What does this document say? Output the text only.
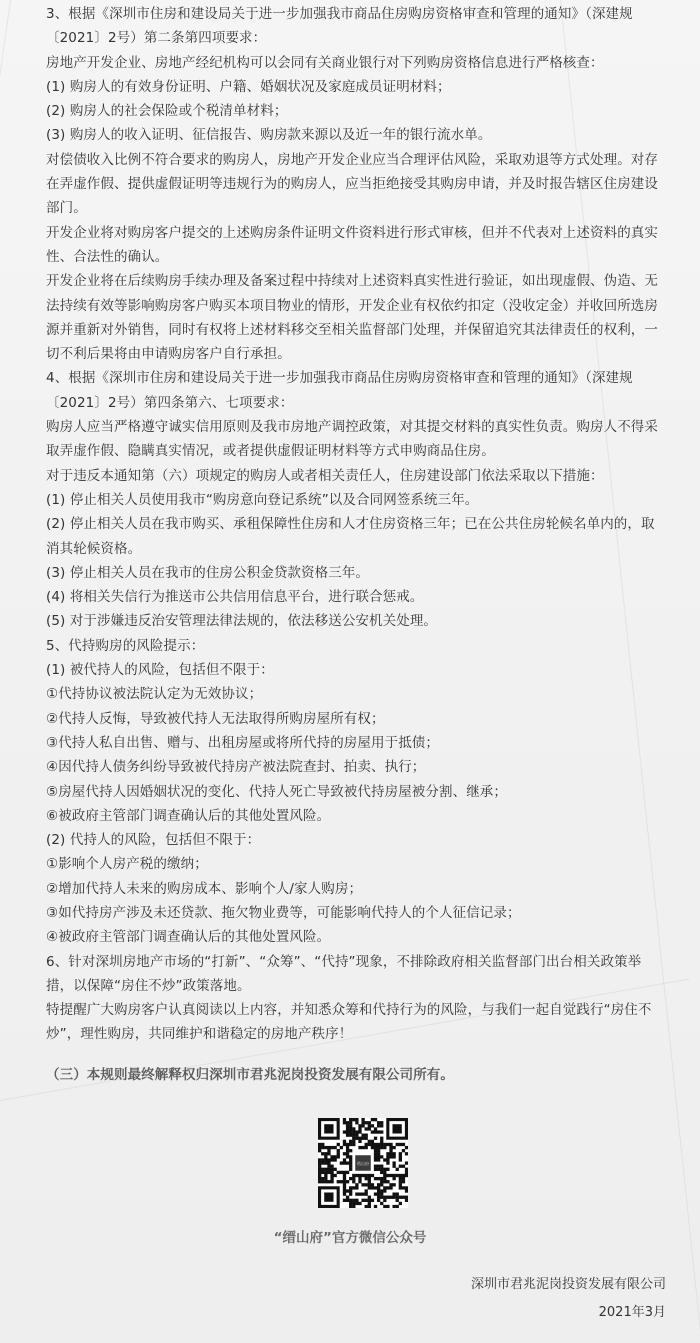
3、根据《深圳市住房和建设局关于进一步加强我市商品住房购房资格审查和管理的通知》（深建规〔2021〕2号）第二条第四项要求：

房地产开发企业、房地产经纪机构可以会同有关商业银行对下列购房资格信息进行严格核查：

(1) 购房人的有效身份证明、户籍、婚姻状况及家庭成员证明材料；

(2) 购房人的社会保险或个税清单材料；

(3) 购房人的收入证明、征信报告、购房款来源以及近一年的银行流水单。

对偿债收入比例不符合要求的购房人，房地产开发企业应当合理评估风险，采取劝退等方式处理。对存在弄虚作假、提供虚假证明等违规行为的购房人，应当拒绝接受其购房申请，并及时报告辖区住房建设部门。

开发企业将对购房客户提交的上述购房条件证明文件资料进行形式审核，但并不代表对上述资料的真实性、合法性的确认。

开发企业将在后续购房手续办理及备案过程中持续对上述资料真实性进行验证，如出现虚假、伪造、无法持续有效等影响购房客户购买本项目物业的情形，开发企业有权依约扣定（没收定金）并收回所选房源并重新对外销售，同时有权将上述材料移交至相关监督部门处理，并保留追究其法律责任的权利，一切不利后果将由申请购房客户自行承担。

4、根据《深圳市住房和建设局关于进一步加强我市商品住房购房资格审查和管理的通知》（深建规〔2021〕2号）第四条第六、七项要求：

购房人应当严格遵守诚实信用原则及我市房地产调控政策，对其提交材料的真实性负责。购房人不得采取弄虚作假、隐瞒真实情况，或者提供虚假证明材料等方式申购商品住房。

对于违反本通知第（六）项规定的购房人或者相关责任人，住房建设部门依法采取以下措施：

(1) 停止相关人员使用我市“购房意向登记系统”以及合同网签系统三年。

(2) 停止相关人员在我市购买、承租保障性住房和人才住房资格三年；已在公共住房轮候名单内的，取消其轮候资格。

(3) 停止相关人员在我市的住房公积金贷款资格三年。

(4) 将相关失信行为推送市公共信用信息平台，进行联合惩戒。

(5) 对于涉嫌违反治安管理法律法规的，依法移送公安机关处理。

5、代持购房的风险提示：

(1) 被代持人的风险，包括但不限于：

①代持协议被法院认定为无效协议；

②代持人反悔，导致被代持人无法取得所购房屋所有权；

③代持人私自出售、赠与、出租房屋或将所代持的房屋用于抵债；

④因代持人债务纠纷导致被代持房产被法院查封、拍卖、执行；

⑤房屋代持人因婚姻状况的变化、代持人死亡导致被代持房屋被分割、继承；

⑥被政府主管部门调查确认后的其他处置风险。

(2) 代持人的风险，包括但不限于：

①影响个人房产税的缴纳；

②增加代持人未来的购房成本、影响个人/家人购房；

③如代持房产涉及未还贷款、拖欠物业费等，可能影响代持人的个人征信记录；

④被政府主管部门调查确认后的其他处置风险。

6、针对深圳房地产市场的“打新”、“众筹”、“代持”现象，不排除政府相关监督部门出台相关政策举措，以保障“房住不炒”政策落地。

特提醒广大购房客户认真阅读以上内容，并知悉众筹和代持行为的风险，与我们一起自觉践行“房住不炒”，理性购房，共同维护和谐稳定的房地产秩序！

（三）本规则最终解释权归深圳市君兆泥岗投资发展有限公司所有。

缙山府
“缙山府”官方微信公众号
深圳市君兆泥岗投资发展有限公司
2021年3月
